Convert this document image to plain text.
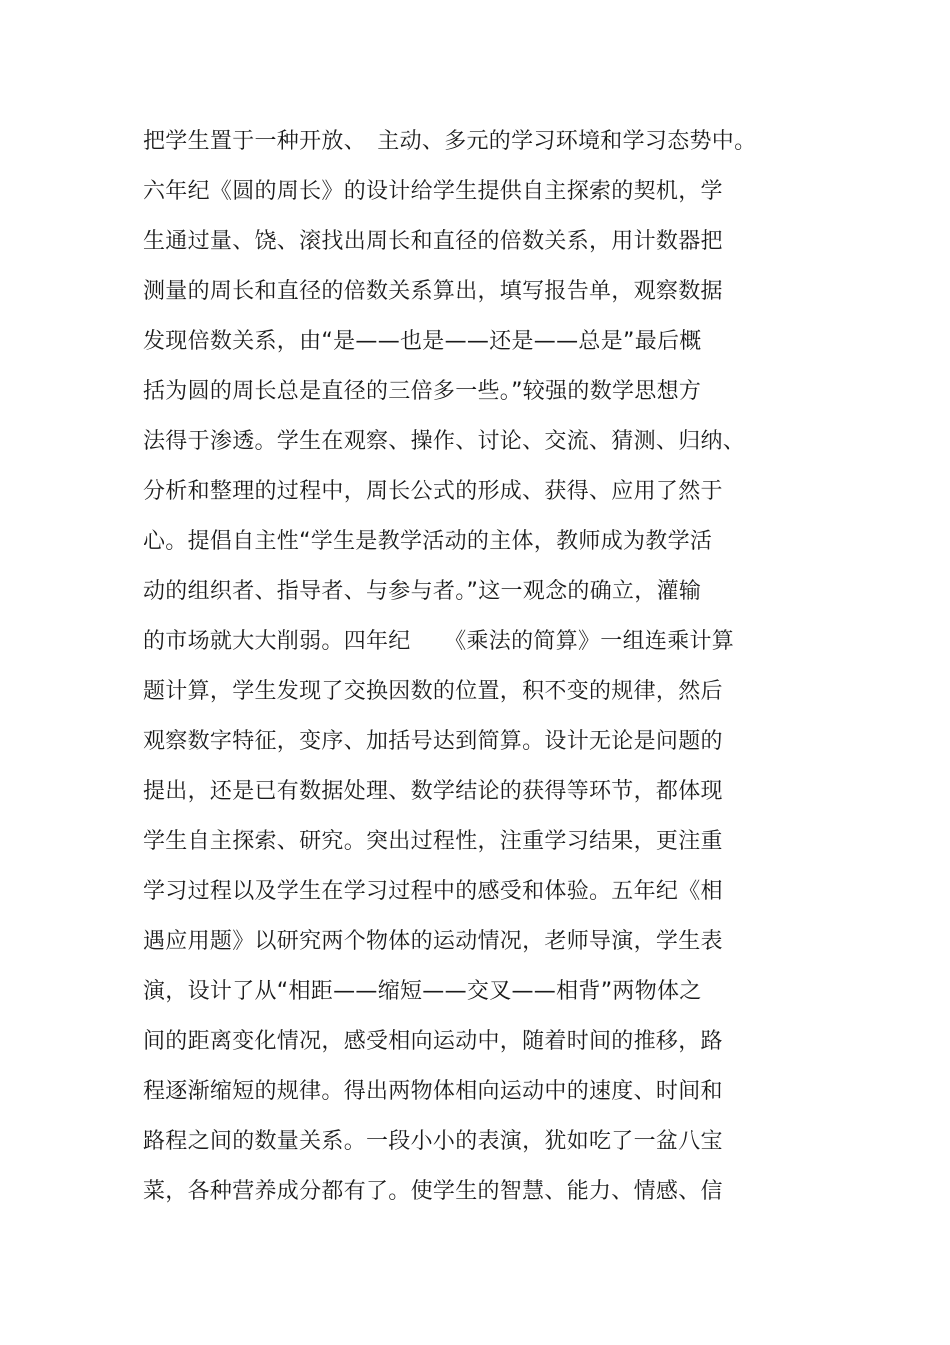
把学生置于一种开放、　主动、多元的学习环境和学习态势中。
六年纪《圆的周长》的设计给学生提供自主探索的契机，学
生通过量、饶、滚找出周长和直径的倍数关系，用计数器把
测量的周长和直径的倍数关系算出，填写报告单，观察数据
发现倍数关系，由“是——也是——还是——总是”最后概
括为圆的周长总是直径的三倍多一些。”较强的数学思想方
法得于渗透。学生在观察、操作、讨论、交流、猜测、归纳、
分析和整理的过程中，周长公式的形成、获得、应用了然于
心。提倡自主性“学生是教学活动的主体，教师成为教学活
动的组织者、指导者、与参与者。”这一观念的确立，灌输
的市场就大大削弱。四年纪　　《乘法的简算》一组连乘计算
题计算，学生发现了交换因数的位置，积不变的规律，然后
观察数字特征，变序、加括号达到简算。设计无论是问题的
提出，还是已有数据处理、数学结论的获得等环节，都体现
学生自主探索、研究。突出过程性，注重学习结果，更注重
学习过程以及学生在学习过程中的感受和体验。五年纪《相
遇应用题》以研究两个物体的运动情况，老师导演，学生表
演，设计了从“相距——缩短——交叉——相背”两物体之
间的距离变化情况，感受相向运动中，随着时间的推移，路
程逐渐缩短的规律。得出两物体相向运动中的速度、时间和
路程之间的数量关系。一段小小的表演，犹如吃了一盆八宝
菜，各种营养成分都有了。使学生的智慧、能力、情感、信
